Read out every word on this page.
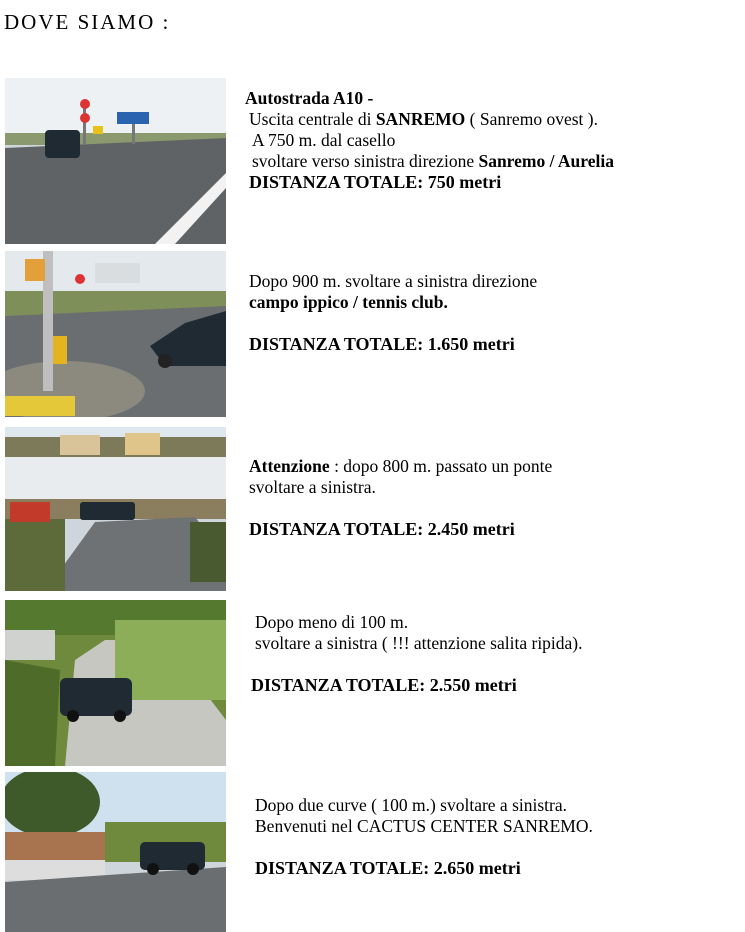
DOVE SIAMO :

Autostrada A10 -

Uscita centrale di SANREMO ( Sanremo ovest ).

A 750 m. dal casello

svoltare verso sinistra direzione Sanremo / Aurelia

DISTANZA TOTALE: 750 metri

Dopo 900 m. svoltare a sinistra direzione

campo ippico / tennis club.

DISTANZA TOTALE: 1.650 metri

Attenzione : dopo 800 m. passato un ponte

svoltare a sinistra.

DISTANZA TOTALE: 2.450 metri

Dopo meno di 100 m.

svoltare a sinistra ( !!! attenzione salita ripida).

DISTANZA TOTALE: 2.550 metri

Dopo due curve ( 100 m.) svoltare a sinistra.

Benvenuti nel CACTUS CENTER SANREMO.

DISTANZA TOTALE: 2.650 metri
